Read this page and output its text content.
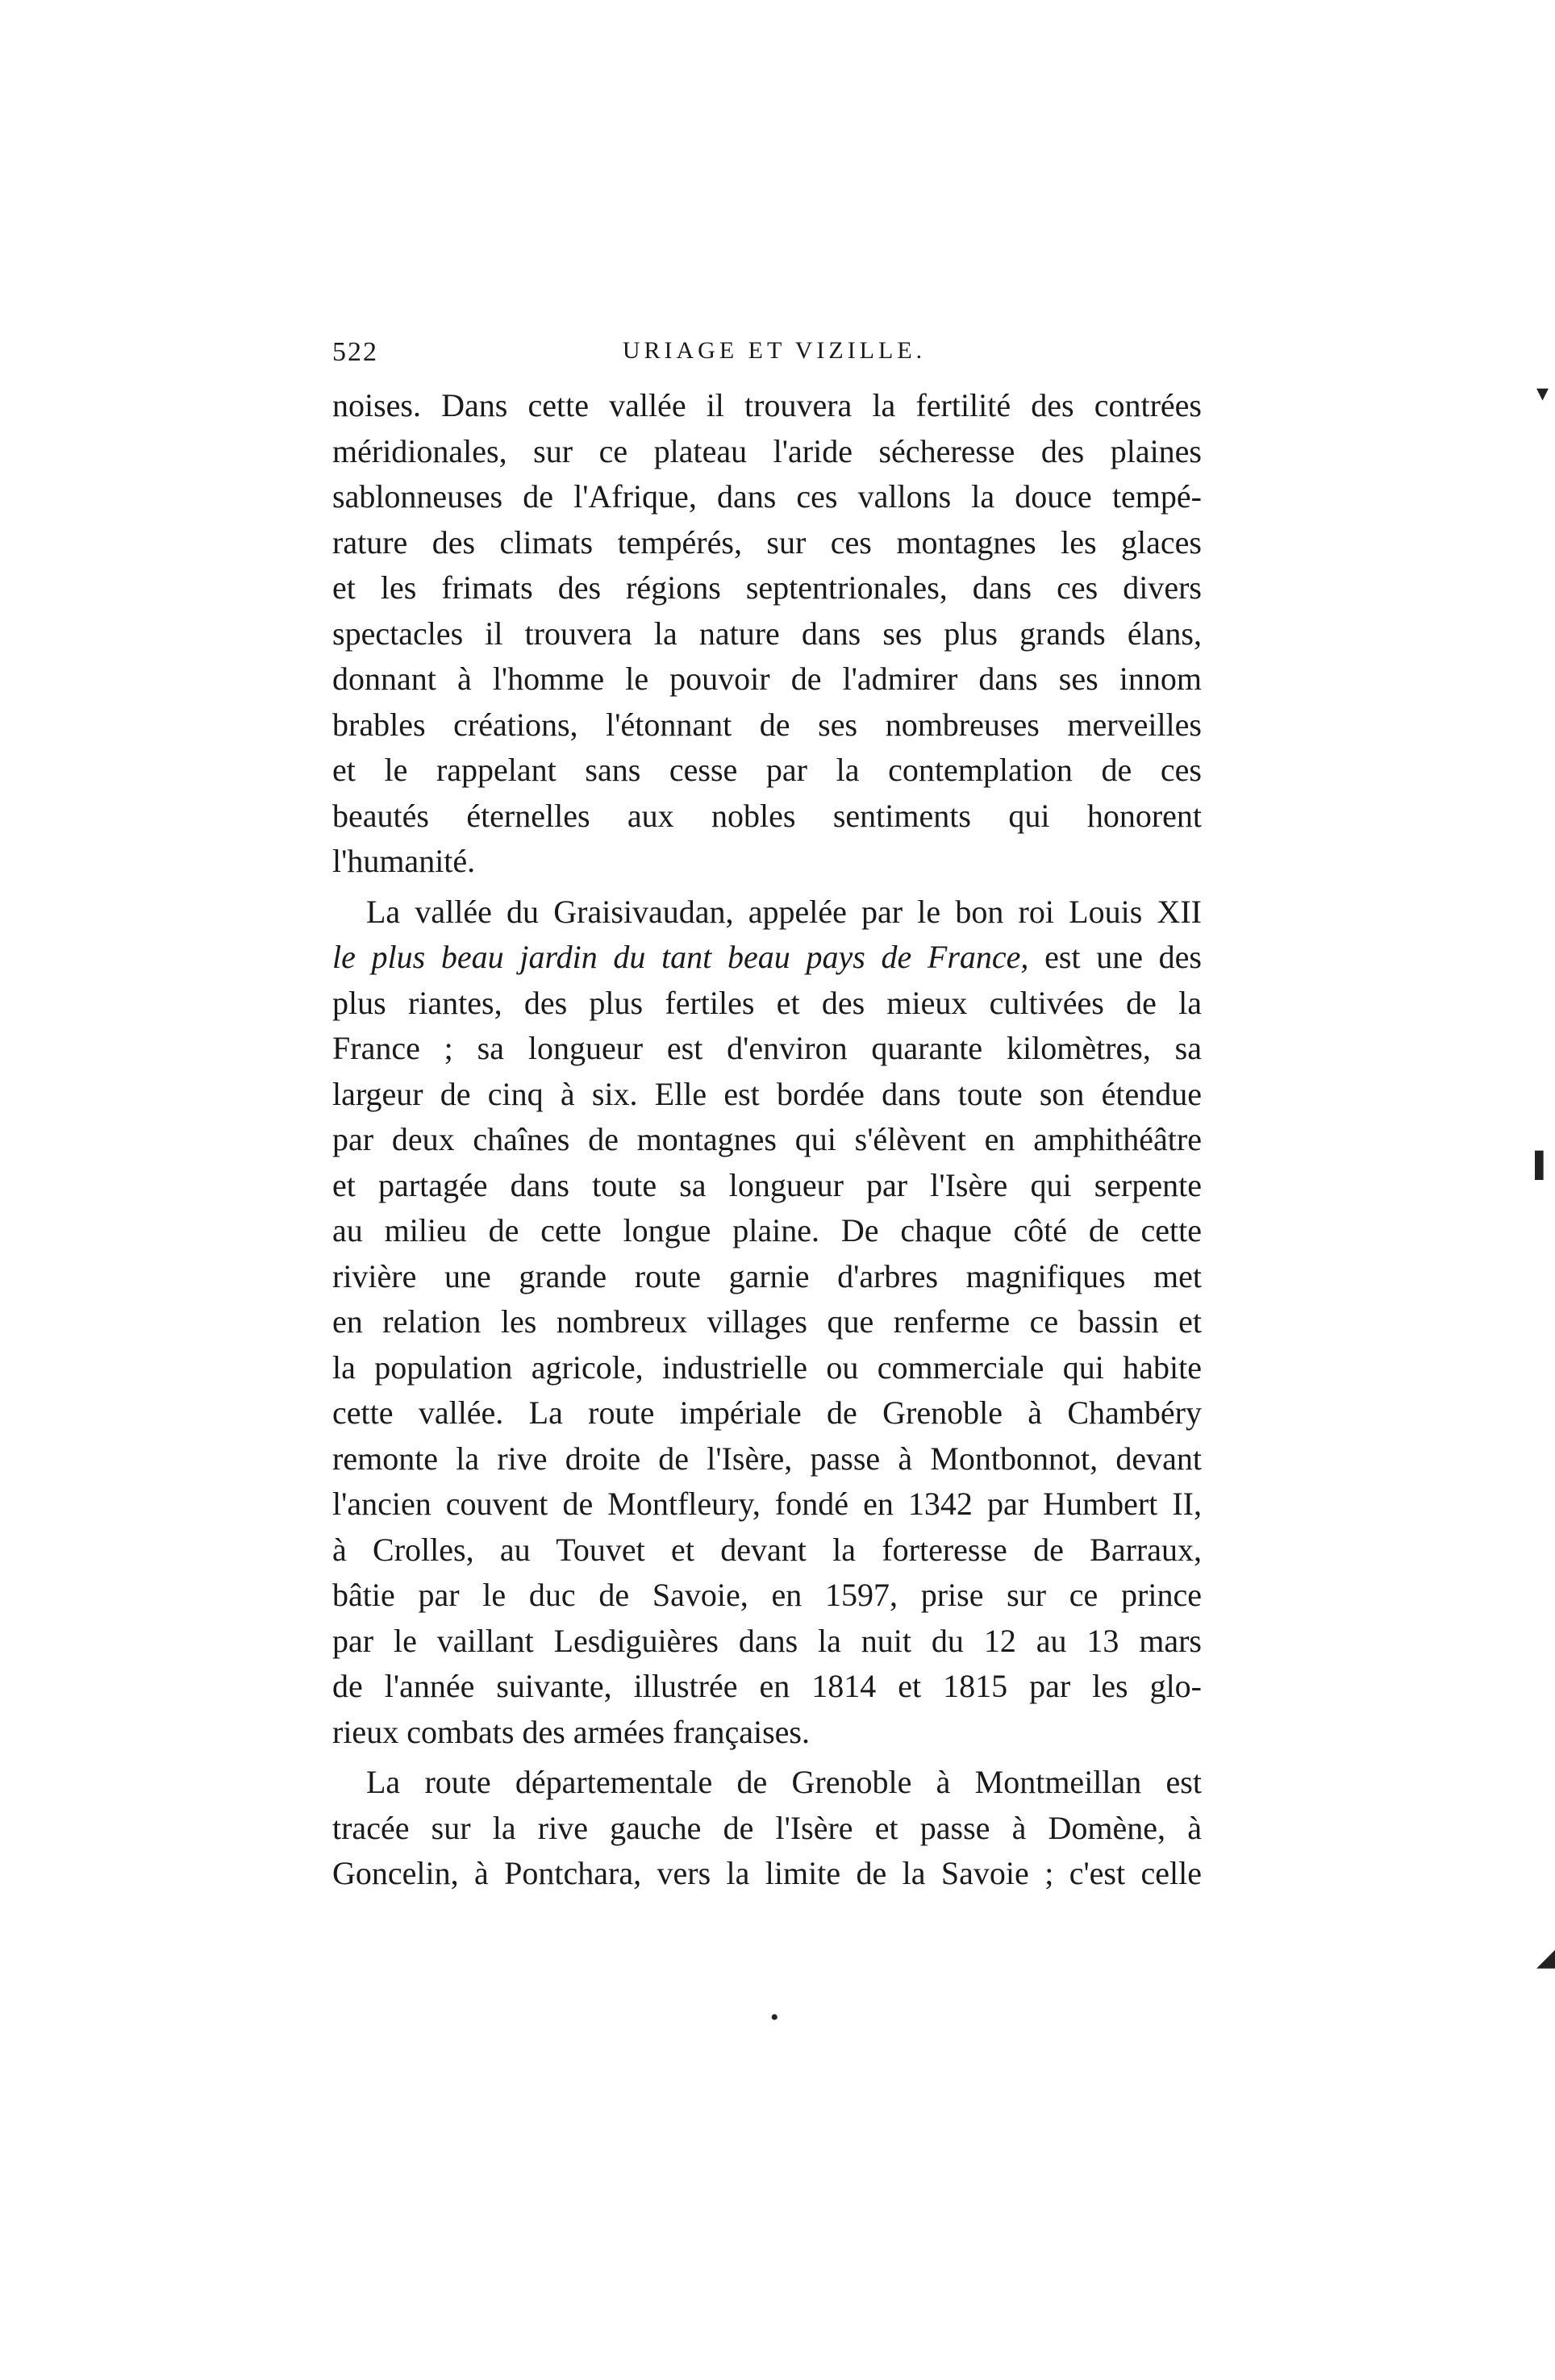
522	URIAGE ET VIZILLE.
noises. Dans cette vallée il trouvera la fertilité des contrées
méridionales, sur ce plateau l'aride sécheresse des plaines
sablonneuses de l'Afrique, dans ces vallons la douce tempé-
rature des climats tempérés, sur ces montagnes les glaces
et les frimats des régions septentrionales, dans ces divers
spectacles il trouvera la nature dans ses plus grands élans,
donnant à l'homme le pouvoir de l'admirer dans ses innom
brables créations, l'étonnant de ses nombreuses merveilles
et le rappelant sans cesse par la contemplation de ces
beautés éternelles aux nobles sentiments qui honorent
l'humanité.
La vallée du Graisivaudan, appelée par le bon roi Louis XII
le plus beau jardin du tant beau pays de France, est une des
plus riantes, des plus fertiles et des mieux cultivées de la
France ; sa longueur est d'environ quarante kilomètres, sa
largeur de cinq à six. Elle est bordée dans toute son étendue
par deux chaînes de montagnes qui s'élèvent en amphithéâtre
et partagée dans toute sa longueur par l'Isère qui serpente
au milieu de cette longue plaine. De chaque côté de cette
rivière une grande route garnie d'arbres magnifiques met
en relation les nombreux villages que renferme ce bassin et
la population agricole, industrielle ou commerciale qui habite
cette vallée. La route impériale de Grenoble à Chambéry
remonte la rive droite de l'Isère, passe à Montbonnot, devant
l'ancien couvent de Montfleury, fondé en 1342 par Humbert II,
à Crolles, au Touvet et devant la forteresse de Barraux,
bâtie par le duc de Savoie, en 1597, prise sur ce prince
par le vaillant Lesdiguières dans la nuit du 12 au 13 mars
de l'année suivante, illustrée en 1814 et 1815 par les glo-
rieux combats des armées françaises.
La route départementale de Grenoble à Montmeillan est
tracée sur la rive gauche de l'Isère et passe à Domène, à
Goncelin, à Pontchara, vers la limite de la Savoie ; c'est celle
▾
▌
◢
•
